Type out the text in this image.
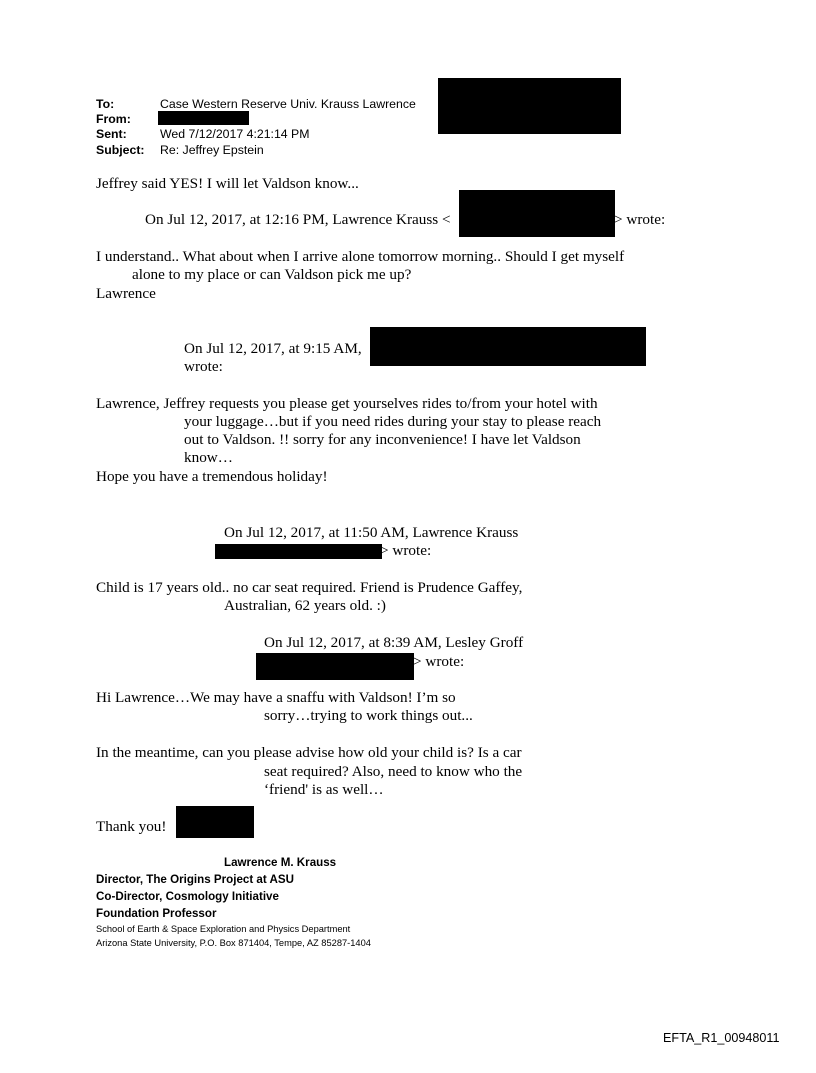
To:	Case Western Reserve Univ. Krauss Lawrence
From:
Sent:	Wed 7/12/2017 4:21:14 PM
Subject: Re: Jeffrey Epstein
Jeffrey said YES! I will let Valdson know...
On Jul 12, 2017, at 12:16 PM, Lawrence Krauss <	> wrote:
I understand.. What about when I arrive alone tomorrow morning.. Should I get myself
alone to my place or can Valdson pick me up?
Lawrence
On Jul 12, 2017, at 9:15 AM,
wrote:
Lawrence, Jeffrey requests you please get yourselves rides to/from your hotel with
your luggage…but if you need rides during your stay to please reach
out to Valdson. !! sorry for any inconvenience! I have let Valdson
know…
Hope you have a tremendous holiday!
On Jul 12, 2017, at 11:50 AM, Lawrence Krauss
> wrote:
Child is 17 years old.. no car seat required. Friend is Prudence Gaffey,
Australian, 62 years old. :)
On Jul 12, 2017, at 8:39 AM, Lesley Groff
> wrote:
Hi Lawrence…We may have a snaffu with Valdson! I’m so
sorry…trying to work things out...
In the meantime, can you please advise how old your child is? Is a car
seat required? Also, need to know who the
‘friend' is as well…
Thank you!
Lawrence M. Krauss
Director, The Origins Project at ASU
Co-Director, Cosmology Initiative
Foundation Professor
School of Earth & Space Exploration and Physics Department
Arizona State University, P.O. Box 871404, Tempe, AZ 85287-1404
EFTA_R1_00948011
